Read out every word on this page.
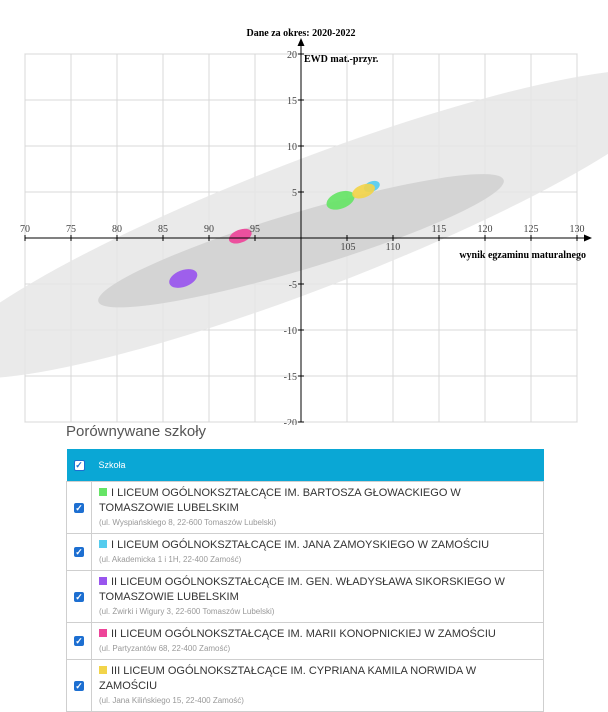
70	75	80	85	90	95
105	110
115	120	125	130
20
15
10
5
-5
-10
-15
-20
Dane za okres: 2020-2022
EWD mat.-przyr.
wynik egzaminu maturalnego
Porównywane szkoły
✓	Szkoła
✓	I LICEUM OGÓLNOKSZTAŁCĄCE IM. BARTOSZA GŁOWACKIEGO W TOMASZOWIE LUBELSKIM
(ul. Wyspiańskiego 8, 22-600 Tomaszów Lubelski)

✓	I LICEUM OGÓLNOKSZTAŁCĄCE IM. JANA ZAMOYSKIEGO W ZAMOŚCIU
(ul. Akademicka 1 i 1H, 22-400 Zamość)

✓	II LICEUM OGÓLNOKSZTAŁCĄCE IM. GEN. WŁADYSŁAWA SIKORSKIEGO W TOMASZOWIE LUBELSKIM
(ul. Żwirki i Wigury 3, 22-600 Tomaszów Lubelski)

✓	II LICEUM OGÓLNOKSZTAŁCĄCE IM. MARII KONOPNICKIEJ W ZAMOŚCIU
(ul. Partyzantów 68, 22-400 Zamość)

✓	III LICEUM OGÓLNOKSZTAŁCĄCE IM. CYPRIANA KAMILA NORWIDA W ZAMOŚCIU
(ul. Jana Kilińskiego 15, 22-400 Zamość)
